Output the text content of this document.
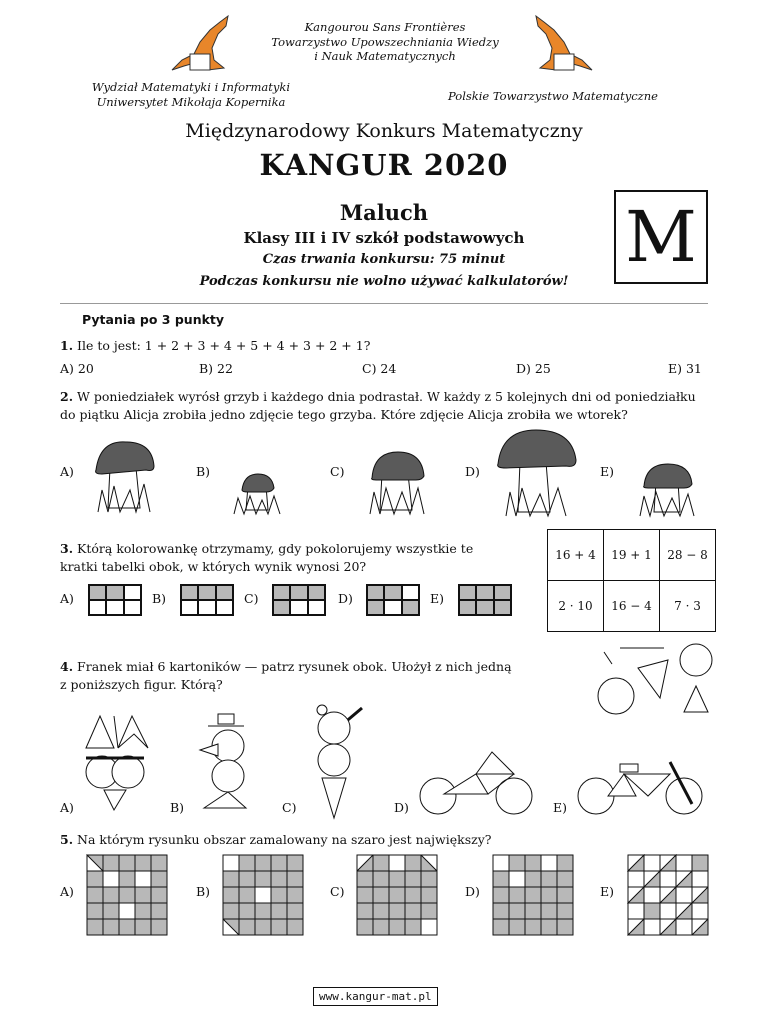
Kangourou Sans Frontières
Towarzystwo Upowszechniania Wiedzy
i Nauk Matematycznych
Wydział Matematyki i Informatyki
Uniwersytet Mikołaja Kopernika	Polskie Towarzystwo Matematyczne
Międzynarodowy Konkurs Matematyczny
KANGUR 2020
Maluch
Klasy III i IV szkół podstawowych
Czas trwania konkursu: 75 minut
Podczas konkursu nie wolno używać kalkulatorów!
M
Pytania po 3 punkty
1. Ile to jest: 1 + 2 + 3 + 4 + 5 + 4 + 3 + 2 + 1?
A) 20	B) 22	C) 24	D) 25	E) 31
2. W poniedziałek wyrósł grzyb i każdego dnia podrastał. W każdy z 5 kolejnych dni od poniedziałku
do piątku Alicja zrobiła jedno zdjęcie tego grzyba. Które zdjęcie Alicja zrobiła we wtorek?
A)	B)	C)	D)	E)
3. Którą kolorowankę otrzymamy, gdy pokolorujemy wszystkie te
kratki tabelki obok, w których wynik wynosi 20?
16 + 4	19 + 1	28 − 8
2 · 10	16 − 4	7 · 3
A)	B)	C)	D)	E)
4. Franek miał 6 kartoników — patrz rysunek obok. Ułożył z nich jedną
z poniższych figur. Którą?
A)	B)	C)	D)	E)
5. Na którym rysunku obszar zamalowany na szaro jest największy?
A)	B)	C)	D)	E)
www.kangur-mat.pl
